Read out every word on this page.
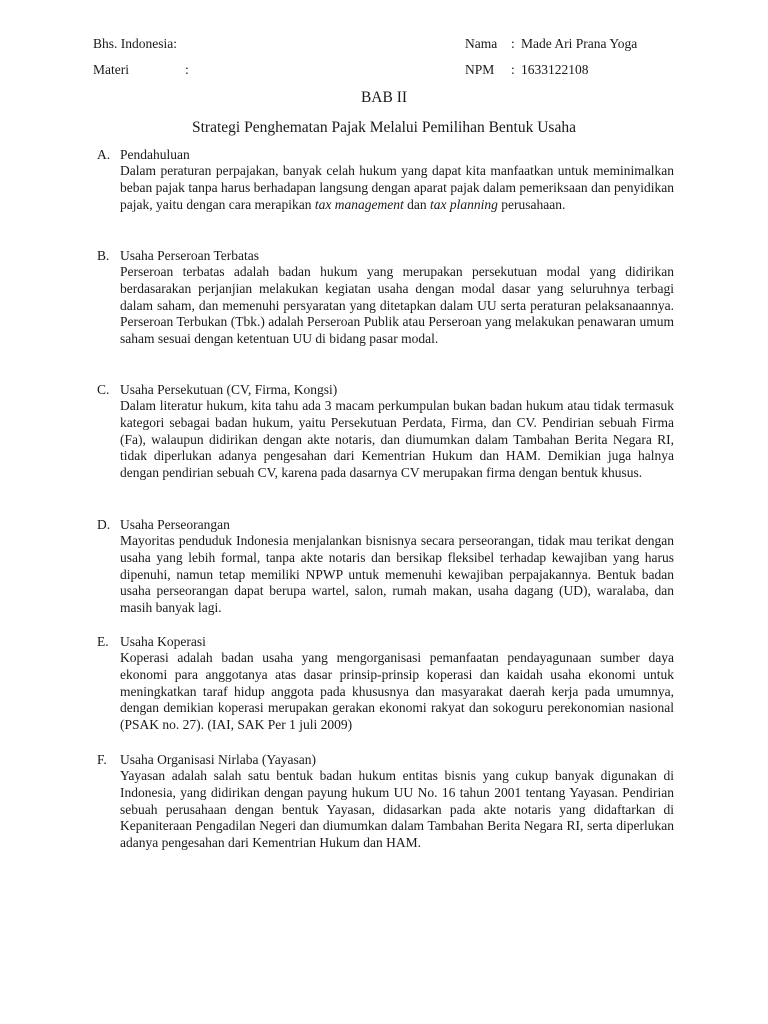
Bhs. Indonesia:	Nama : Made Ari Prana Yoga
Materi	:	NPM : 1633122108
BAB II
Strategi Penghematan Pajak Melalui Pemilihan Bentuk Usaha
A. Pendahuluan
Dalam peraturan perpajakan, banyak celah hukum yang dapat kita manfaatkan untuk meminimalkan beban pajak tanpa harus berhadapan langsung dengan aparat pajak dalam pemeriksaan dan penyidikan pajak, yaitu dengan cara merapikan tax management dan tax planning perusahaan.
B. Usaha Perseroan Terbatas
Perseroan terbatas adalah badan hukum yang merupakan persekutuan modal yang didirikan berdasarakan perjanjian melakukan kegiatan usaha dengan modal dasar yang seluruhnya terbagi dalam saham, dan memenuhi persyaratan yang ditetapkan dalam UU serta peraturan pelaksanaannya. Perseroan Terbukan (Tbk.) adalah Perseroan Publik atau Perseroan yang melakukan penawaran umum saham sesuai dengan ketentuan UU di bidang pasar modal.
C. Usaha Persekutuan (CV, Firma, Kongsi)
Dalam literatur hukum, kita tahu ada 3 macam perkumpulan bukan badan hukum atau tidak termasuk kategori sebagai badan hukum, yaitu Persekutuan Perdata, Firma, dan CV. Pendirian sebuah Firma (Fa), walaupun didirikan dengan akte notaris, dan diumumkan dalam Tambahan Berita Negara RI, tidak diperlukan adanya pengesahan dari Kementrian Hukum dan HAM. Demikian juga halnya dengan pendirian sebuah CV, karena pada dasarnya CV merupakan firma dengan bentuk khusus.
D. Usaha Perseorangan
Mayoritas penduduk Indonesia menjalankan bisnisnya secara perseorangan, tidak mau terikat dengan usaha yang lebih formal, tanpa akte notaris dan bersikap fleksibel terhadap kewajiban yang harus dipenuhi, namun tetap memiliki NPWP untuk memenuhi kewajiban perpajakannya. Bentuk badan usaha perseorangan dapat berupa wartel, salon, rumah makan, usaha dagang (UD), waralaba, dan masih banyak lagi.
E. Usaha Koperasi
Koperasi adalah badan usaha yang mengorganisasi pemanfaatan pendayagunaan sumber daya ekonomi para anggotanya atas dasar prinsip-prinsip koperasi dan kaidah usaha ekonomi untuk meningkatkan taraf hidup anggota pada khususnya dan masyarakat daerah kerja pada umumnya, dengan demikian koperasi merupakan gerakan ekonomi rakyat dan sokoguru perekonomian nasional (PSAK no. 27). (IAI, SAK Per 1 juli 2009)
F. Usaha Organisasi Nirlaba (Yayasan)
Yayasan adalah salah satu bentuk badan hukum entitas bisnis yang cukup banyak digunakan di Indonesia, yang didirikan dengan payung hukum UU No. 16 tahun 2001 tentang Yayasan. Pendirian sebuah perusahaan dengan bentuk Yayasan, didasarkan pada akte notaris yang didaftarkan di Kepaniteraan Pengadilan Negeri dan diumumkan dalam Tambahan Berita Negara RI, serta diperlukan adanya pengesahan dari Kementrian Hukum dan HAM.
